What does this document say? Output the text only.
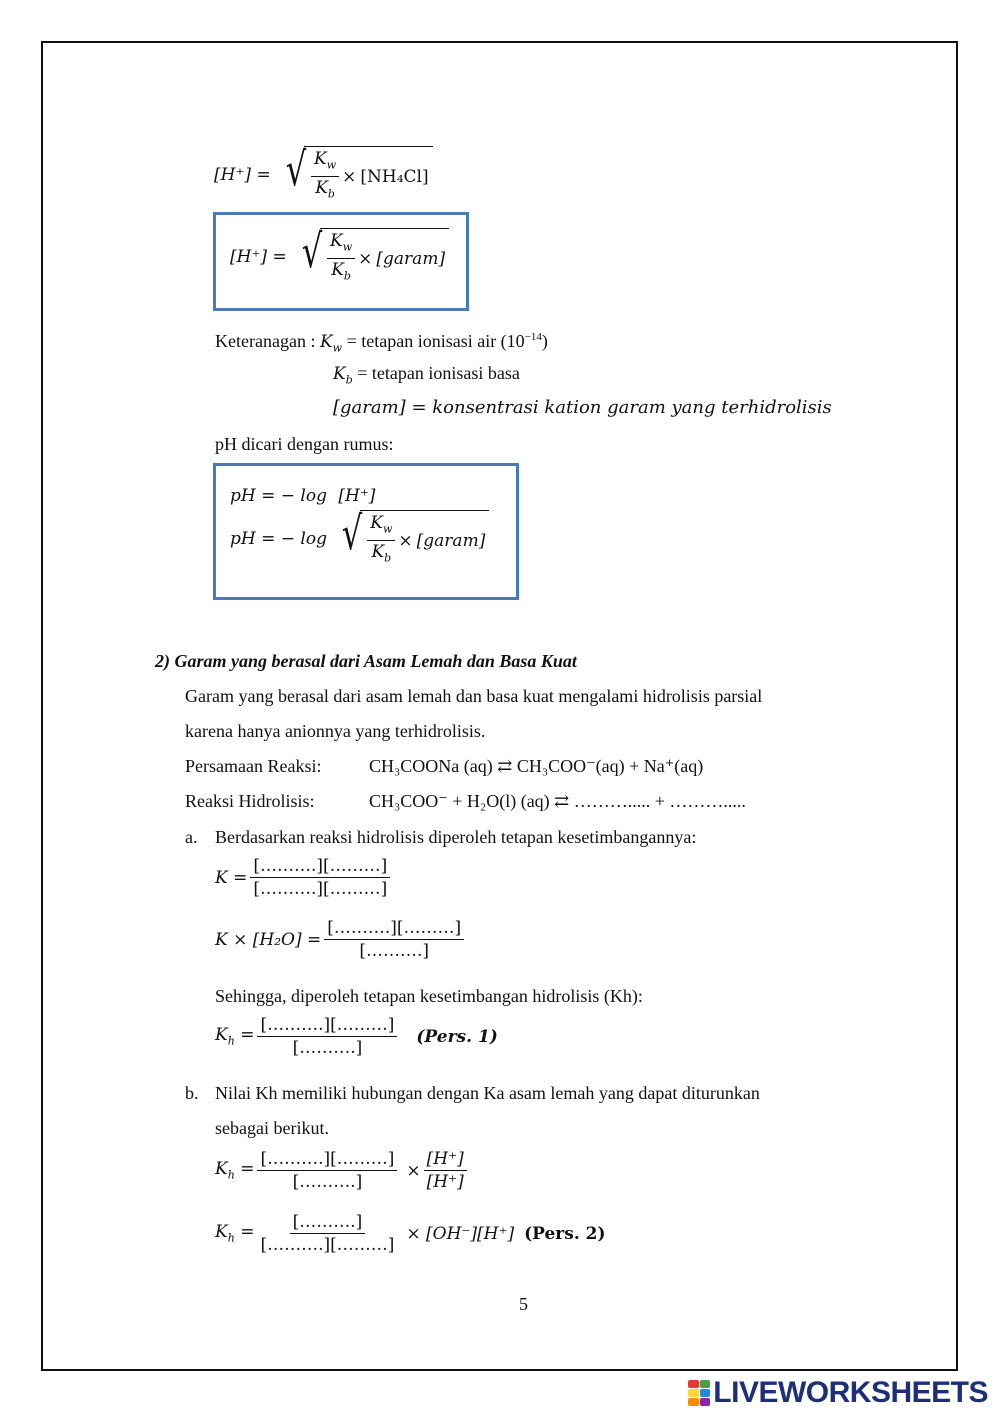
[H⁺] = √ $\frac{K_w}{K_b} \times [NH_4Cl]$
[H⁺] = √ $\frac{K_w}{K_b}$ × [garam]
Keteranagan : $K_w$ = tetapan ionisasi air $(10^{-14})$
$K_b$ = tetapan ionisasi basa
[garam] = konsentrasi kation garam yang terhidrolisis
pH dicari dengan rumus:
pH = − log [H⁺]
pH = − log √ $\frac{K_w}{K_b}$ × [garam]
2) Garam yang berasal dari Asam Lemah dan Basa Kuat
Garam yang berasal dari asam lemah dan basa kuat mengalami hidrolisis parsial
karena hanya anionnya yang terhidrolisis.
Persamaan Reaksi:	CH₃COONa (aq) ⇄ CH₃COO⁻(aq) + Na⁺(aq)
Reaksi Hidrolisis:	CH₃COO⁻ + H₂O(l) (aq) ⇄ ………..... + ……….....
a. Berdasarkan reaksi hidrolisis diperoleh tetapan kesetimbangannya:
$K = \frac{[\dots\dots\dots.][\dots\dots\dots]}{[\dots\dots\dots.][\dots\dots\dots]}$
$K \times [H_2O] = \frac{[\dots\dots\dots.][\dots\dots\dots]}{[\dots\dots\dots.]}$
Sehingga, diperoleh tetapan kesetimbangan hidrolisis (Kh):
$K_h = \frac{[\dots\dots\dots.][\dots\dots\dots]}{[\dots\dots\dots.]}$ (Pers. 1)
b. Nilai Kh memiliki hubungan dengan Ka asam lemah yang dapat diturunkan
sebagai berikut.
$K_h = \frac{[\dots\dots\dots.][\dots\dots\dots]}{[\dots\dots\dots.]} \times \frac{[H^+]}{[H^+]}$
$K_h = \frac{[\dots\dots\dots.]}{[\dots\dots\dots.][\dots\dots\dots]} \times [OH^-][H^+]$ (Pers. 2)
5
LIVEWORKSHEETS
